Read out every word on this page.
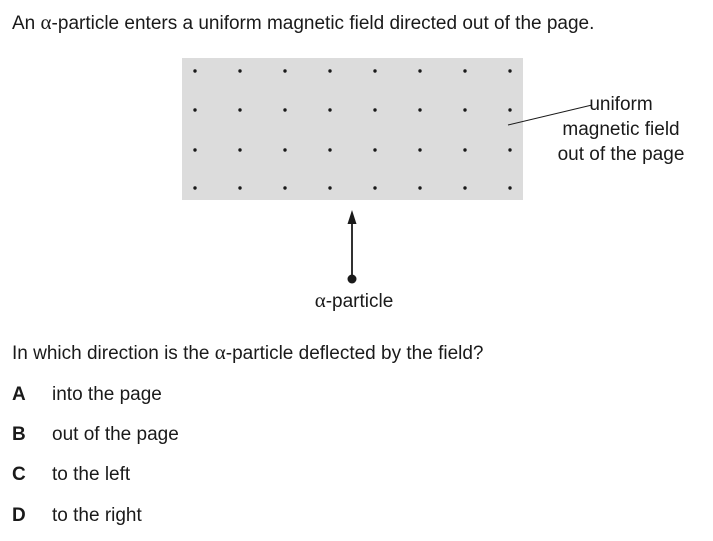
An α-particle enters a uniform magnetic field directed out of the page.
uniform
magnetic field
out of the page
α-particle
In which direction is the α-particle deflected by the field?
A	into the page
B	out of the page
C	to the left
D	to the right
